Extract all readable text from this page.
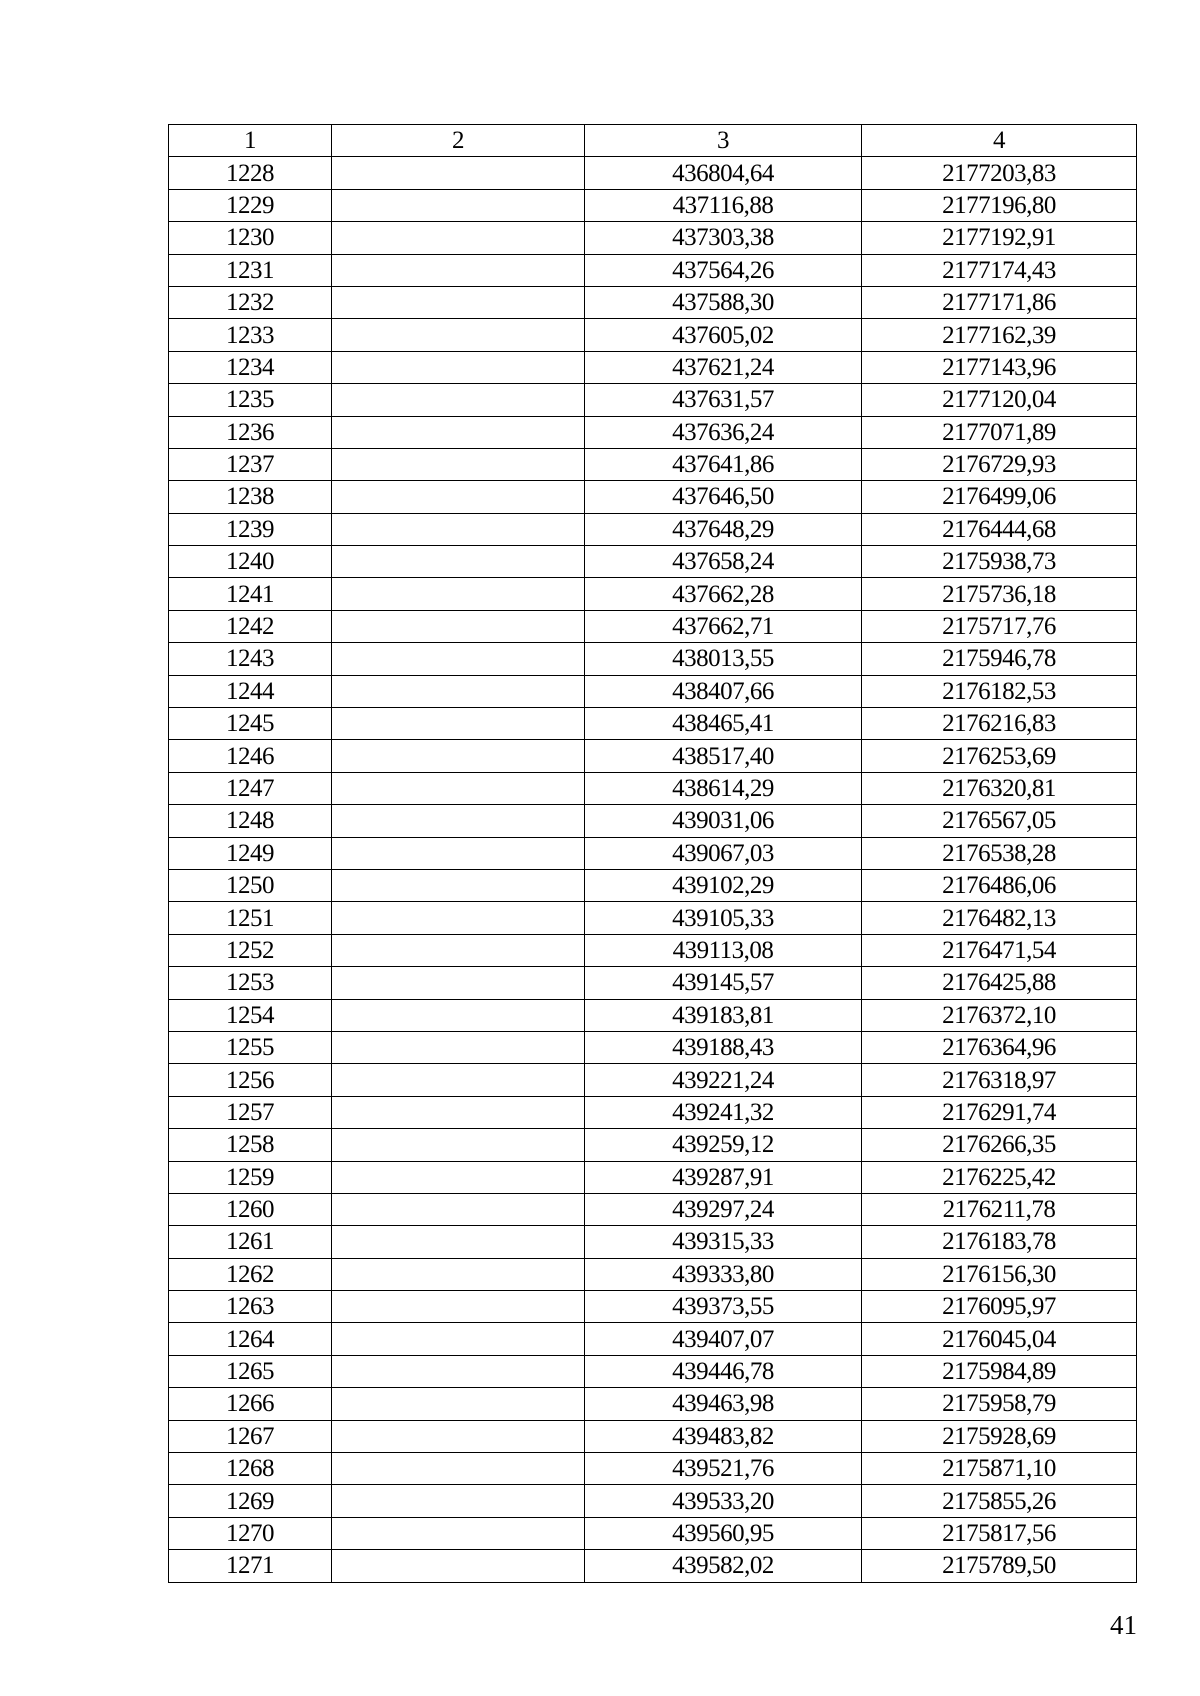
1	2	3	4
1228		436804,64	2177203,83
1229		437116,88	2177196,80
1230		437303,38	2177192,91
1231		437564,26	2177174,43
1232		437588,30	2177171,86
1233		437605,02	2177162,39
1234		437621,24	2177143,96
1235		437631,57	2177120,04
1236		437636,24	2177071,89
1237		437641,86	2176729,93
1238		437646,50	2176499,06
1239		437648,29	2176444,68
1240		437658,24	2175938,73
1241		437662,28	2175736,18
1242		437662,71	2175717,76
1243		438013,55	2175946,78
1244		438407,66	2176182,53
1245		438465,41	2176216,83
1246		438517,40	2176253,69
1247		438614,29	2176320,81
1248		439031,06	2176567,05
1249		439067,03	2176538,28
1250		439102,29	2176486,06
1251		439105,33	2176482,13
1252		439113,08	2176471,54
1253		439145,57	2176425,88
1254		439183,81	2176372,10
1255		439188,43	2176364,96
1256		439221,24	2176318,97
1257		439241,32	2176291,74
1258		439259,12	2176266,35
1259		439287,91	2176225,42
1260		439297,24	2176211,78
1261		439315,33	2176183,78
1262		439333,80	2176156,30
1263		439373,55	2176095,97
1264		439407,07	2176045,04
1265		439446,78	2175984,89
1266		439463,98	2175958,79
1267		439483,82	2175928,69
1268		439521,76	2175871,10
1269		439533,20	2175855,26
1270		439560,95	2175817,56
1271		439582,02	2175789,50
41
